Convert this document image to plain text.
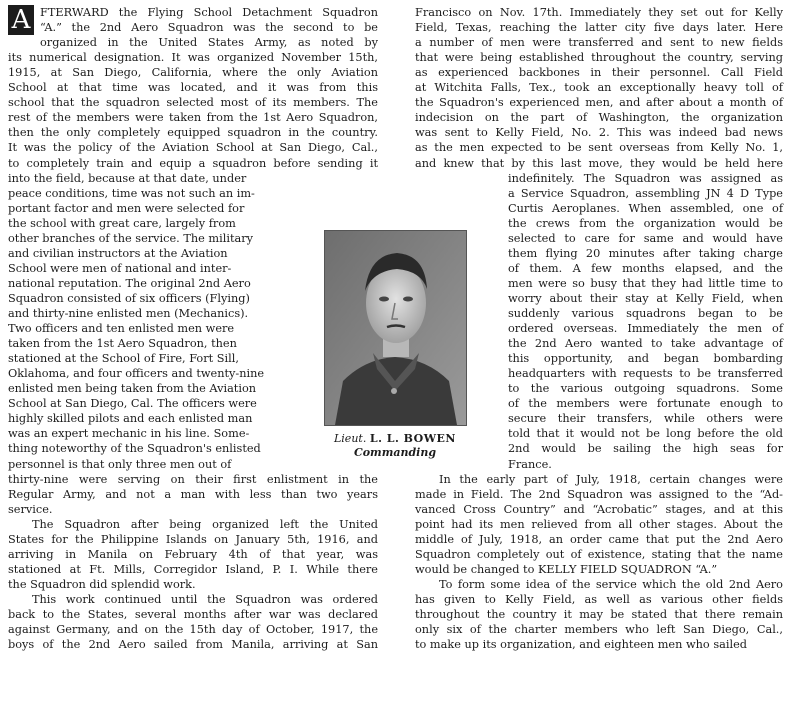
A FTERWARD the Flying School Detachment Squadron
“A.” the 2nd Aero Squadron was the second to be
organized in the United States Army, as noted by
its numerical designation. It was organized November 15th,
1915, at San Diego, California, where the only Aviation
School at that time was located, and it was from this
school that the squadron selected most of its members. The
rest of the members were taken from the 1st Aero Squadron,
then the only completely equipped squadron in the country.
It was the policy of the Aviation School at San Diego, Cal.,
to completely train and equip a squadron before sending it
into the field, because at that date, under
peace conditions, time was not such an im-
portant factor and men were selected for
the school with great care, largely from
other branches of the service. The military
and civilian instructors at the Aviation
School were men of national and inter-
national reputation. The original 2nd Aero
Squadron consisted of six officers (Flying)
and thirty-nine enlisted men (Mechanics).
Two officers and ten enlisted men were
taken from the 1st Aero Squadron, then
stationed at the School of Fire, Fort Sill,
Oklahoma, and four officers and twenty-nine
enlisted men being taken from the Aviation
School at San Diego, Cal. The officers were
highly skilled pilots and each enlisted man
was an expert mechanic in his line. Some-
thing noteworthy of the Squadron's enlisted
personnel is that only three men out of
thirty-nine were serving on their first enlistment in the
Regular Army, and not a man with less than two years
service.
The Squadron after being organized left the United
States for the Philippine Islands on January 5th, 1916, and
arriving in Manila on February 4th of that year, was
stationed at Ft. Mills, Corregidor Island, P. I. While there
the Squadron did splendid work.
This work continued until the Squadron was ordered
back to the States, several months after war was declared
against Germany, and on the 15th day of October, 1917, the
boys of the 2nd Aero sailed from Manila, arriving at San
Francisco on Nov. 17th. Immediately they set out for Kelly
Field, Texas, reaching the latter city five days later. Here
a number of men were transferred and sent to new fields
that were being established throughout the country, serving
as experienced backbones in their personnel. Call Field
at Witchita Falls, Tex., took an exceptionally heavy toll of
the Squadron's experienced men, and after about a month of
indecision on the part of Washington, the organization
was sent to Kelly Field, No. 2. This was indeed bad news
as the men expected to be sent overseas from Kelly No. 1,
and knew that by this last move, they would be held here
indefinitely. The Squadron was assigned as
a Service Squadron, assembling JN 4 D Type
Curtis Aeroplanes. When assembled, one of
the crews from the organization would be
selected to care for same and would have
them flying 20 minutes after taking charge
of them. A few months elapsed, and the
men were so busy that they had little time to
worry about their stay at Kelly Field, when
suddenly various squadrons began to be
ordered overseas. Immediately the men of
the 2nd Aero wanted to take advantage of
this opportunity, and began bombarding
headquarters with requests to be transferred
to the various outgoing squadrons. Some
of the members were fortunate enough to
secure their transfers, while others were
told that it would not be long before the old
2nd would be sailing the high seas for
France.
In the early part of July, 1918, certain changes were
made in Field. The 2nd Squadron was assigned to the “Ad-
vanced Cross Country” and “Acrobatic” stages, and at this
point had its men relieved from all other stages. About the
middle of July, 1918, an order came that put the 2nd Aero
Squadron completely out of existence, stating that the name
would be changed to KELLY FIELD SQUADRON “A.”
To form some idea of the service which the old 2nd Aero
has given to Kelly Field, as well as various other fields
throughout the country it may be stated that there remain
only six of the charter members who left San Diego, Cal.,
to make up its organization, and eighteen men who sailed
Lieut. L. L. BOWEN
Commanding
